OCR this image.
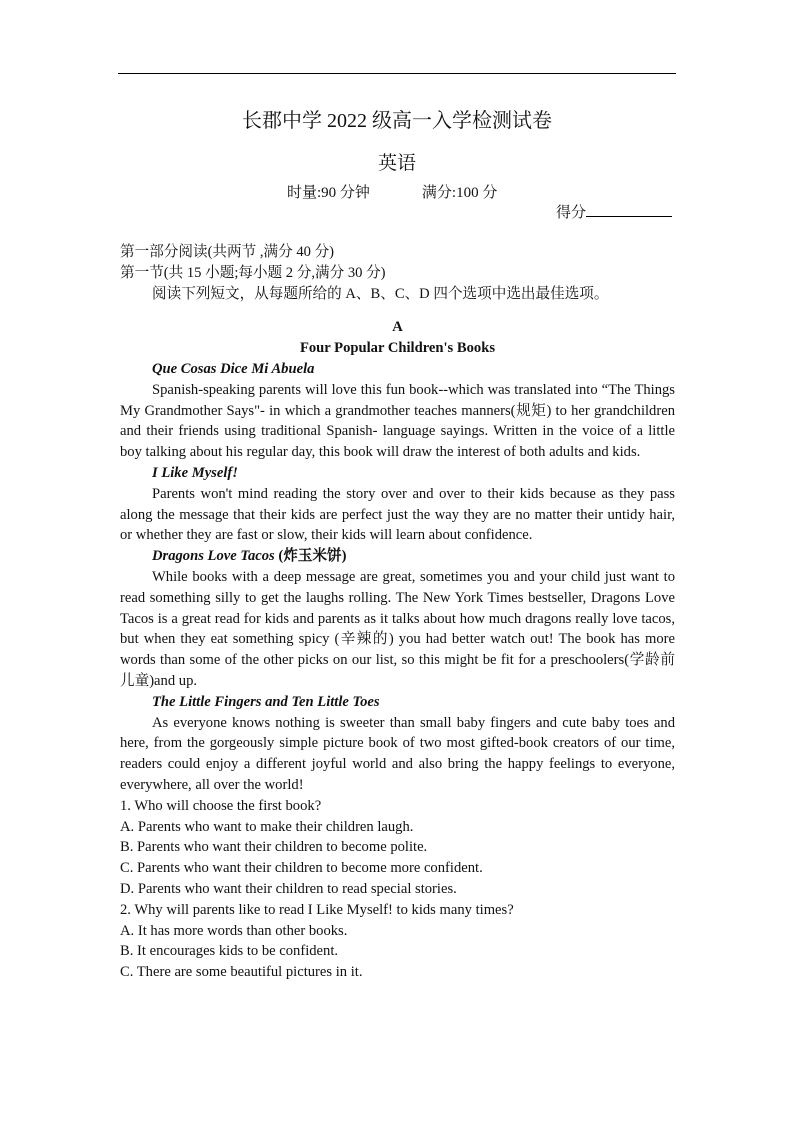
长郡中学 2022 级高一入学检测试卷
英语
时量:90 分钟	满分:100 分
得分
第一部分阅读(共两节 ,满分 40 分)
第一节(共 15 小题;每小题 2 分,满分 30 分)
阅读下列短文，从每题所给的 A、B、C、D 四个选项中选出最佳选项。
A
Four Popular Children's Books
Que Cosas Dice Mi Abuela
Spanish-speaking parents will love this fun book--which was translated into “The Things My Grandmother Says"- in which a grandmother teaches manners(规矩) to her grandchildren and their friends using traditional Spanish- language sayings. Written in the voice of a little boy talking about his regular day, this book will draw the interest of both adults and kids.
I Like Myself!
Parents won't mind reading the story over and over to their kids because as they pass along the message that their kids are perfect just the way they are no matter their untidy hair, or whether they are fast or slow, their kids will learn about confidence.
Dragons Love Tacos (炸玉米饼)
While books with a deep message are great, sometimes you and your child just want to read something silly to get the laughs rolling. The New York Times bestseller, Dragons Love Tacos is a great read for kids and parents as it talks about how much dragons really love tacos, but when they eat something spicy (辛辣的) you had better watch out! The book has more words than some of the other picks on our list, so this might be fit for a preschoolers(学龄前儿童)and up.
The Little Fingers and Ten Little Toes
As everyone knows nothing is sweeter than small baby fingers and cute baby toes and here, from the gorgeously simple picture book of two most gifted-book creators of our time, readers could enjoy a different joyful world and also bring the happy feelings to everyone, everywhere, all over the world!
1. Who will choose the first book?
A. Parents who want to make their children laugh.
B. Parents who want their children to become polite.
C. Parents who want their children to become more confident.
D. Parents who want their children to read special stories.
2. Why will parents like to read I Like Myself! to kids many times?
A. It has more words than other books.
B. It encourages kids to be confident.
C. There are some beautiful pictures in it.
